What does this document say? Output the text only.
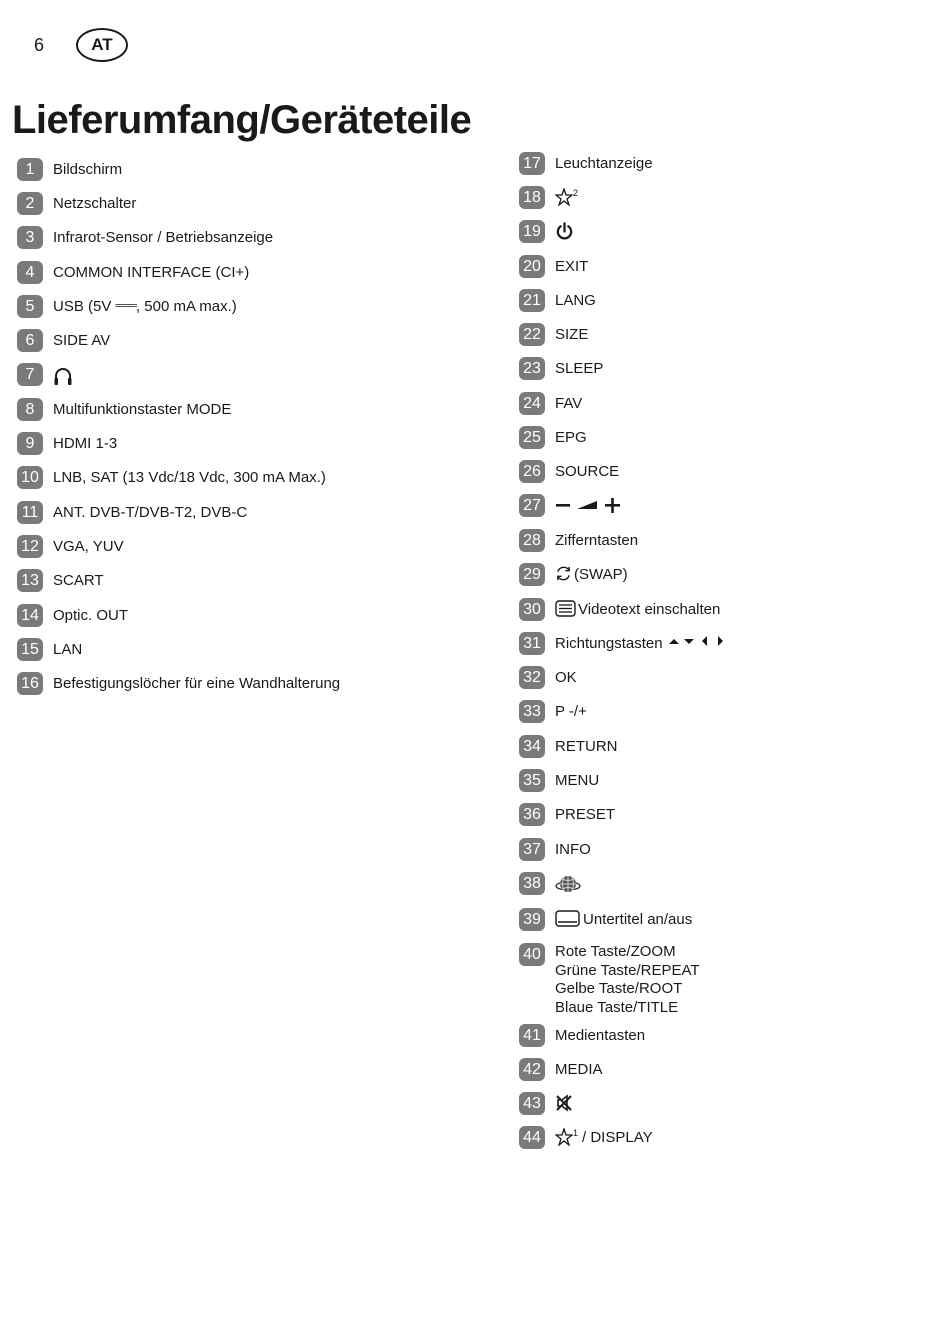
6	AT
Lieferumfang/Geräteteile
1	Bildschirm
2	Netzschalter
3	Infrarot-Sensor / Betriebsanzeige
4	COMMON INTERFACE (CI+)
5	USB (5V ═══, 500 mA max.)
6	SIDE AV
7
8	Multifunktionstaster MODE
9	HDMI 1-3
10 LNB, SAT (13 Vdc/18 Vdc, 300 mA Max.)
11 ANT. DVB-T/DVB-T2, DVB-C
12 VGA, YUV
13 SCART
14 Optic. OUT
15 LAN
16 Befestigungslöcher für eine Wandhalterung
17 Leuchtanzeige
18	2
19
20 EXIT
21 LANG
22 SIZE
23 SLEEP
24 FAV
25 EPG
26 SOURCE
27
28 Zifferntasten
29 (SWAP)
30 Videotext einschalten
31 Richtungstasten
32 OK
33 P -/+
34 RETURN
35 MENU
36 PRESET
37 INFO
38
39	Untertitel an/aus
40 Rote Taste/ZOOM
Grüne Taste/REPEAT
Gelbe Taste/ROOT
Blaue Taste/TITLE
41 Medientasten
42 MEDIA
43
44	1 / DISPLAY
